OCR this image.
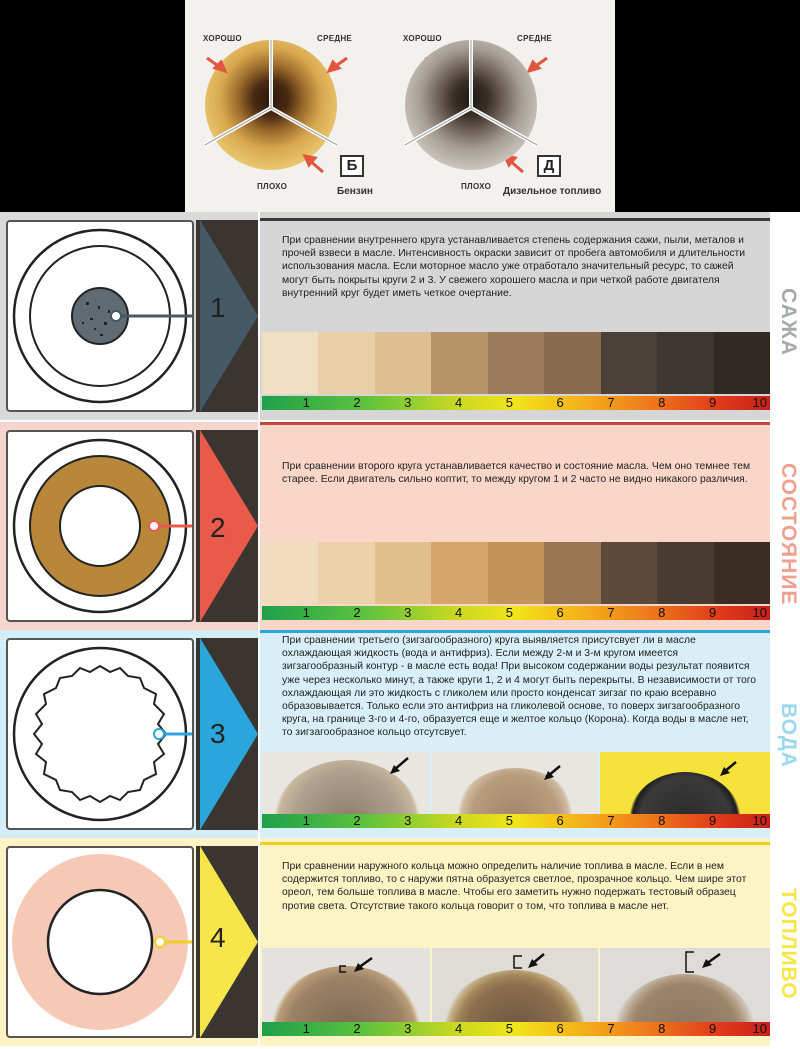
ХОРОШО	СРЕДНЕ
ПЛОХО
Б
Бензин
ХОРОШО	СРЕДНЕ
ПЛОХО
Д
Дизельное топливо
1
При сравнении внутреннего круга устанавливается степень содержания сажи, пыли, металов и прочей взвеси в масле. Интенсивность окраски зависит от пробега автомобиля и длительности использования масла. Если моторное масло уже отработало значительный ресурс, то сажей могут быть покрыты круги 2 и 3. У свежего хорошего масла и при четкой работе двигателя внутренний круг будет иметь четкое очертание.
1	2	3	4	5	6	7	8	9	10
САЖА
2
При сравнении второго круга устанавливается качество и состояние масла. Чем оно темнее тем старее. Если двигатель сильно коптит, то между кругом 1 и 2 часто не видно никакого различия.
1	2	3	4	5	6	7	8	9	10
СОСТОЯНИЕ
3
При сравнении третьего (зигзагообразного) круга выявляется присутсвует ли в масле охлаждающая жидкость (вода и антифриз). Если между 2-м и 3-м кругом имеется зигзагообразный контур - в масле есть вода! При высоком содержании воды результат появится уже через несколько минут, а также круги 1, 2 и 4 могут быть перекрыты. В независимости от того охлаждающая ли это жидкость с гликолем или просто конденсат зигзаг по краю всеравно образовывается. Только если это антифриз на гликолевой основе, то поверх зигзагообразного круга, на границе 3-го и 4-го, образуется еще и желтое кольцо (Корона). Когда воды в масле нет, то зигзагообразное кольцо отсутсвует.
1	2	3	4	5	6	7	8	9	10
ВОДА
4
При сравнении наружного кольца можно определить наличие топлива в масле. Если в нем содержится топливо, то с наружи пятна образуется светлое, прозрачное кольцо. Чем шире этот ореол, тем больше топлива в масле. Чтобы его заметить нужно подержать тестовый образец против света. Отсутствие такого кольца говорит о том, что топлива в масле нет.
1	2	3	4	5	6	7	8	9	10
ТОПЛИВО
